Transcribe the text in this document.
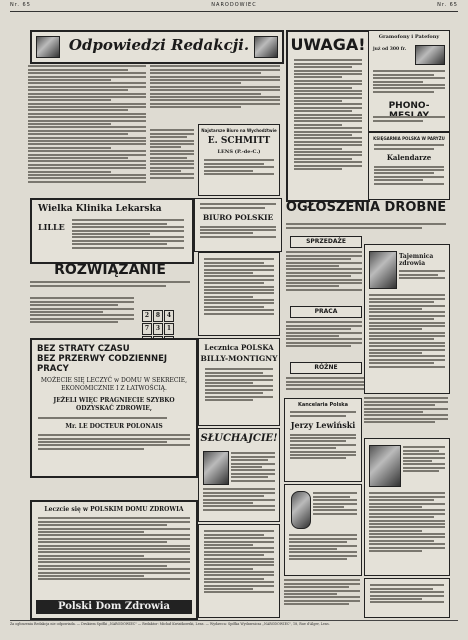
Nr. 65	NARODOWIEC	Nr. 65
Odpowiedzi Redakcji.
Najstarsze Biuro na Wychodźtwie
E. SCHMITT
LENS (P.-de-C.)
UWAGA!	Gramofony i Patefony
już od 300 fr.
PHONO-
KSIĘGARNIA POLSKA W PARYŻU
Kalendarze
Wielka Klinika Lekarska
LILLE
BIURO POLSKIE
OGŁOSZENIA DROBNE
SPRZEDAŻE
PRACA
RÓŻNE
Tajemnica zdrowia
ROZWIĄZANIE
2	8	4
7	3	1
BEZ STRATY CZASU
BEZ PRZERWY CODZIENNEJ PRACY
MOŻECIE SIĘ LECZYĆ w DOMU W SEKRECIE, EKONOMICZNIE I Z ŁATWOŚCIĄ.
JEŻELI WIĘC PRAGNIECIE SZYBKO ODZYSKAĆ ZDROWIE,
Mr. LE DOCTEUR POLONAIS
Lecznica POLSKA
BILLY-MONTIGNY
SŁUCHAJCIE!
Kancelaria Polska
Jerzy Lewiński
Leczcie się w POLSKIM DOMU ZDROWIA
Polski Dom Zdrowia
Za ogłoszenia Redakcja nie odpowiada. — Drukiem Spółki „NARODOWIEC" — Redaktor: Michał Kwiatkowski, Lens. — Wydawca: Spółka Wydawnicza „NARODOWIEC", 18, Rue d'Alger, Lens.
